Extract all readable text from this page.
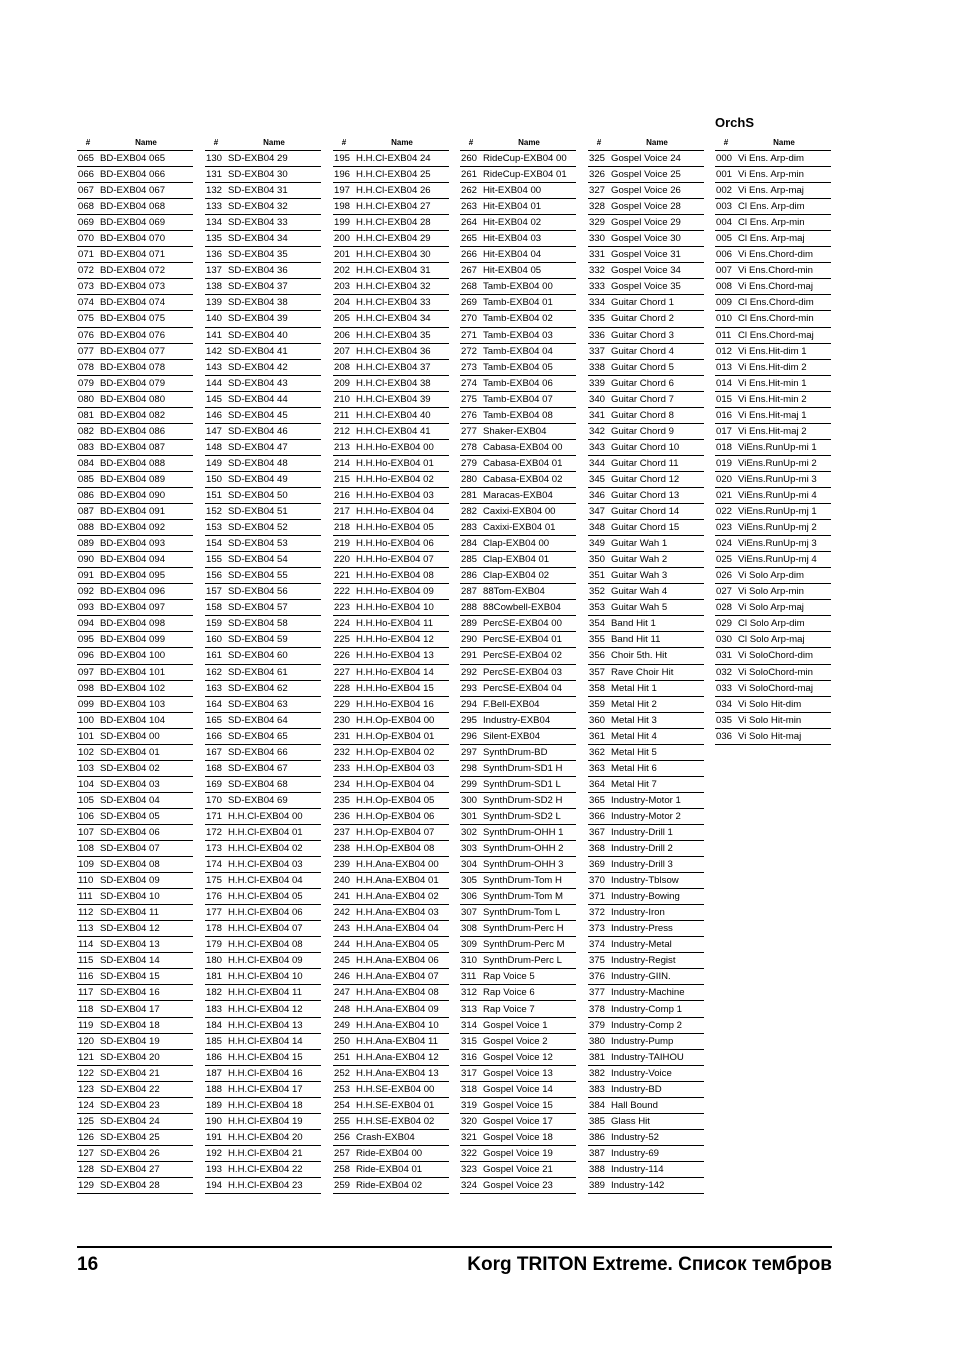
OrchS
#	Name
065 BD-EXB04 065
066 BD-EXB04 066
067 BD-EXB04 067
068 BD-EXB04 068
069 BD-EXB04 069
070 BD-EXB04 070
071 BD-EXB04 071
072 BD-EXB04 072
073 BD-EXB04 073
074 BD-EXB04 074
075 BD-EXB04 075
076 BD-EXB04 076
077 BD-EXB04 077
078 BD-EXB04 078
079 BD-EXB04 079
080 BD-EXB04 080
081 BD-EXB04 082
082 BD-EXB04 086
083 BD-EXB04 087
084 BD-EXB04 088
085 BD-EXB04 089
086 BD-EXB04 090
087 BD-EXB04 091
088 BD-EXB04 092
089 BD-EXB04 093
090 BD-EXB04 094
091 BD-EXB04 095
092 BD-EXB04 096
093 BD-EXB04 097
094 BD-EXB04 098
095 BD-EXB04 099
096 BD-EXB04 100
097 BD-EXB04 101
098 BD-EXB04 102
099 BD-EXB04 103
100 BD-EXB04 104
101 SD-EXB04 00
102 SD-EXB04 01
103 SD-EXB04 02
104 SD-EXB04 03
105 SD-EXB04 04
106 SD-EXB04 05
107 SD-EXB04 06
108 SD-EXB04 07
109 SD-EXB04 08
110 SD-EXB04 09
111 SD-EXB04 10
112 SD-EXB04 11
113 SD-EXB04 12
114 SD-EXB04 13
115 SD-EXB04 14
116 SD-EXB04 15
117 SD-EXB04 16
118 SD-EXB04 17
119 SD-EXB04 18
120 SD-EXB04 19
121 SD-EXB04 20
122 SD-EXB04 21
123 SD-EXB04 22
124 SD-EXB04 23
125 SD-EXB04 24
126 SD-EXB04 25
127 SD-EXB04 26
128 SD-EXB04 27
129 SD-EXB04 28
#	Name
130 SD-EXB04 29
131 SD-EXB04 30
132 SD-EXB04 31
133 SD-EXB04 32
134 SD-EXB04 33
135 SD-EXB04 34
136 SD-EXB04 35
137 SD-EXB04 36
138 SD-EXB04 37
139 SD-EXB04 38
140 SD-EXB04 39
141 SD-EXB04 40
142 SD-EXB04 41
143 SD-EXB04 42
144 SD-EXB04 43
145 SD-EXB04 44
146 SD-EXB04 45
147 SD-EXB04 46
148 SD-EXB04 47
149 SD-EXB04 48
150 SD-EXB04 49
151 SD-EXB04 50
152 SD-EXB04 51
153 SD-EXB04 52
154 SD-EXB04 53
155 SD-EXB04 54
156 SD-EXB04 55
157 SD-EXB04 56
158 SD-EXB04 57
159 SD-EXB04 58
160 SD-EXB04 59
161 SD-EXB04 60
162 SD-EXB04 61
163 SD-EXB04 62
164 SD-EXB04 63
165 SD-EXB04 64
166 SD-EXB04 65
167 SD-EXB04 66
168 SD-EXB04 67
169 SD-EXB04 68
170 SD-EXB04 69
171 H.H.Cl-EXB04 00
172 H.H.Cl-EXB04 01
173 H.H.Cl-EXB04 02
174 H.H.Cl-EXB04 03
175 H.H.Cl-EXB04 04
176 H.H.Cl-EXB04 05
177 H.H.Cl-EXB04 06
178 H.H.Cl-EXB04 07
179 H.H.Cl-EXB04 08
180 H.H.Cl-EXB04 09
181 H.H.Cl-EXB04 10
182 H.H.Cl-EXB04 11
183 H.H.Cl-EXB04 12
184 H.H.Cl-EXB04 13
185 H.H.Cl-EXB04 14
186 H.H.Cl-EXB04 15
187 H.H.Cl-EXB04 16
188 H.H.Cl-EXB04 17
189 H.H.Cl-EXB04 18
190 H.H.Cl-EXB04 19
191 H.H.Cl-EXB04 20
192 H.H.Cl-EXB04 21
193 H.H.Cl-EXB04 22
194 H.H.Cl-EXB04 23
#	Name
195 H.H.Cl-EXB04 24
196 H.H.Cl-EXB04 25
197 H.H.Cl-EXB04 26
198 H.H.Cl-EXB04 27
199 H.H.Cl-EXB04 28
200 H.H.Cl-EXB04 29
201 H.H.Cl-EXB04 30
202 H.H.Cl-EXB04 31
203 H.H.Cl-EXB04 32
204 H.H.Cl-EXB04 33
205 H.H.Cl-EXB04 34
206 H.H.Cl-EXB04 35
207 H.H.Cl-EXB04 36
208 H.H.Cl-EXB04 37
209 H.H.Cl-EXB04 38
210 H.H.Cl-EXB04 39
211 H.H.Cl-EXB04 40
212 H.H.Cl-EXB04 41
213 H.H.Ho-EXB04 00
214 H.H.Ho-EXB04 01
215 H.H.Ho-EXB04 02
216 H.H.Ho-EXB04 03
217 H.H.Ho-EXB04 04
218 H.H.Ho-EXB04 05
219 H.H.Ho-EXB04 06
220 H.H.Ho-EXB04 07
221 H.H.Ho-EXB04 08
222 H.H.Ho-EXB04 09
223 H.H.Ho-EXB04 10
224 H.H.Ho-EXB04 11
225 H.H.Ho-EXB04 12
226 H.H.Ho-EXB04 13
227 H.H.Ho-EXB04 14
228 H.H.Ho-EXB04 15
229 H.H.Ho-EXB04 16
230 H.H.Op-EXB04 00
231 H.H.Op-EXB04 01
232 H.H.Op-EXB04 02
233 H.H.Op-EXB04 03
234 H.H.Op-EXB04 04
235 H.H.Op-EXB04 05
236 H.H.Op-EXB04 06
237 H.H.Op-EXB04 07
238 H.H.Op-EXB04 08
239 H.H.Ana-EXB04 00
240 H.H.Ana-EXB04 01
241 H.H.Ana-EXB04 02
242 H.H.Ana-EXB04 03
243 H.H.Ana-EXB04 04
244 H.H.Ana-EXB04 05
245 H.H.Ana-EXB04 06
246 H.H.Ana-EXB04 07
247 H.H.Ana-EXB04 08
248 H.H.Ana-EXB04 09
249 H.H.Ana-EXB04 10
250 H.H.Ana-EXB04 11
251 H.H.Ana-EXB04 12
252 H.H.Ana-EXB04 13
253 H.H.SE-EXB04 00
254 H.H.SE-EXB04 01
255 H.H.SE-EXB04 02
256 Crash-EXB04
257 Ride-EXB04 00
258 Ride-EXB04 01
259 Ride-EXB04 02
#	Name
260 RideCup-EXB04 00
261 RideCup-EXB04 01
262 Hit-EXB04 00
263 Hit-EXB04 01
264 Hit-EXB04 02
265 Hit-EXB04 03
266 Hit-EXB04 04
267 Hit-EXB04 05
268 Tamb-EXB04 00
269 Tamb-EXB04 01
270 Tamb-EXB04 02
271 Tamb-EXB04 03
272 Tamb-EXB04 04
273 Tamb-EXB04 05
274 Tamb-EXB04 06
275 Tamb-EXB04 07
276 Tamb-EXB04 08
277 Shaker-EXB04
278 Cabasa-EXB04 00
279 Cabasa-EXB04 01
280 Cabasa-EXB04 02
281 Maracas-EXB04
282 Caxixi-EXB04 00
283 Caxixi-EXB04 01
284 Clap-EXB04 00
285 Clap-EXB04 01
286 Clap-EXB04 02
287 88Tom-EXB04
288 88Cowbell-EXB04
289 PercSE-EXB04 00
290 PercSE-EXB04 01
291 PercSE-EXB04 02
292 PercSE-EXB04 03
293 PercSE-EXB04 04
294 F.Bell-EXB04
295 Industry-EXB04
296 Silent-EXB04
297 SynthDrum-BD
298 SynthDrum-SD1 H
299 SynthDrum-SD1 L
300 SynthDrum-SD2 H
301 SynthDrum-SD2 L
302 SynthDrum-OHH 1
303 SynthDrum-OHH 2
304 SynthDrum-OHH 3
305 SynthDrum-Tom H
306 SynthDrum-Tom M
307 SynthDrum-Tom L
308 SynthDrum-Perc H
309 SynthDrum-Perc M
310 SynthDrum-Perc L
311 Rap Voice 5
312 Rap Voice 6
313 Rap Voice 7
314 Gospel Voice 1
315 Gospel Voice 2
316 Gospel Voice 12
317 Gospel Voice 13
318 Gospel Voice 14
319 Gospel Voice 15
320 Gospel Voice 17
321 Gospel Voice 18
322 Gospel Voice 19
323 Gospel Voice 21
324 Gospel Voice 23
#	Name
325 Gospel Voice 24
326 Gospel Voice 25
327 Gospel Voice 26
328 Gospel Voice 28
329 Gospel Voice 29
330 Gospel Voice 30
331 Gospel Voice 31
332 Gospel Voice 34
333 Gospel Voice 35
334 Guitar Chord 1
335 Guitar Chord 2
336 Guitar Chord 3
337 Guitar Chord 4
338 Guitar Chord 5
339 Guitar Chord 6
340 Guitar Chord 7
341 Guitar Chord 8
342 Guitar Chord 9
343 Guitar Chord 10
344 Guitar Chord 11
345 Guitar Chord 12
346 Guitar Chord 13
347 Guitar Chord 14
348 Guitar Chord 15
349 Guitar Wah 1
350 Guitar Wah 2
351 Guitar Wah 3
352 Guitar Wah 4
353 Guitar Wah 5
354 Band Hit 1
355 Band Hit 11
356 Choir 5th. Hit
357 Rave Choir Hit
358 Metal Hit 1
359 Metal Hit 2
360 Metal Hit 3
361 Metal Hit 4
362 Metal Hit 5
363 Metal Hit 6
364 Metal Hit 7
365 Industry-Motor 1
366 Industry-Motor 2
367 Industry-Drill 1
368 Industry-Drill 2
369 Industry-Drill 3
370 Industry-Tblsow
371 Industry-Bowing
372 Industry-Iron
373 Industry-Press
374 Industry-Metal
375 Industry-Regist
376 Industry-GIIN.
377 Industry-Machine
378 Industry-Comp 1
379 Industry-Comp 2
380 Industry-Pump
381 Industry-TAIHOU
382 Industry-Voice
383 Industry-BD
384 Hall Bound
385 Glass Hit
386 Industry-52
387 Industry-69
388 Industry-114
389 Industry-142
#	Name
000 Vi Ens. Arp-dim
001 Vi Ens. Arp-min
002 Vi Ens. Arp-maj
003 Cl Ens. Arp-dim
004 Cl Ens. Arp-min
005 Cl Ens. Arp-maj
006 Vi Ens.Chord-dim
007 Vi Ens.Chord-min
008 Vi Ens.Chord-maj
009 Cl Ens.Chord-dim
010 Cl Ens.Chord-min
011 Cl Ens.Chord-maj
012 Vi Ens.Hit-dim 1
013 Vi Ens.Hit-dim 2
014 Vi Ens.Hit-min 1
015 Vi Ens.Hit-min 2
016 Vi Ens.Hit-maj 1
017 Vi Ens.Hit-maj 2
018 ViEns.RunUp-mi 1
019 ViEns.RunUp-mi 2
020 ViEns.RunUp-mi 3
021 ViEns.RunUp-mi 4
022 ViEns.RunUp-mj 1
023 ViEns.RunUp-mj 2
024 ViEns.RunUp-mj 3
025 ViEns.RunUp-mj 4
026 Vi Solo Arp-dim
027 Vi Solo Arp-min
028 Vi Solo Arp-maj
029 Cl Solo Arp-dim
030 Cl Solo Arp-maj
031 Vi SoloChord-dim
032 Vi SoloChord-min
033 Vi SoloChord-maj
034 Vi Solo Hit-dim
035 Vi Solo Hit-min
036 Vi Solo Hit-maj
16	Korg TRITON Extreme. Список тембров
